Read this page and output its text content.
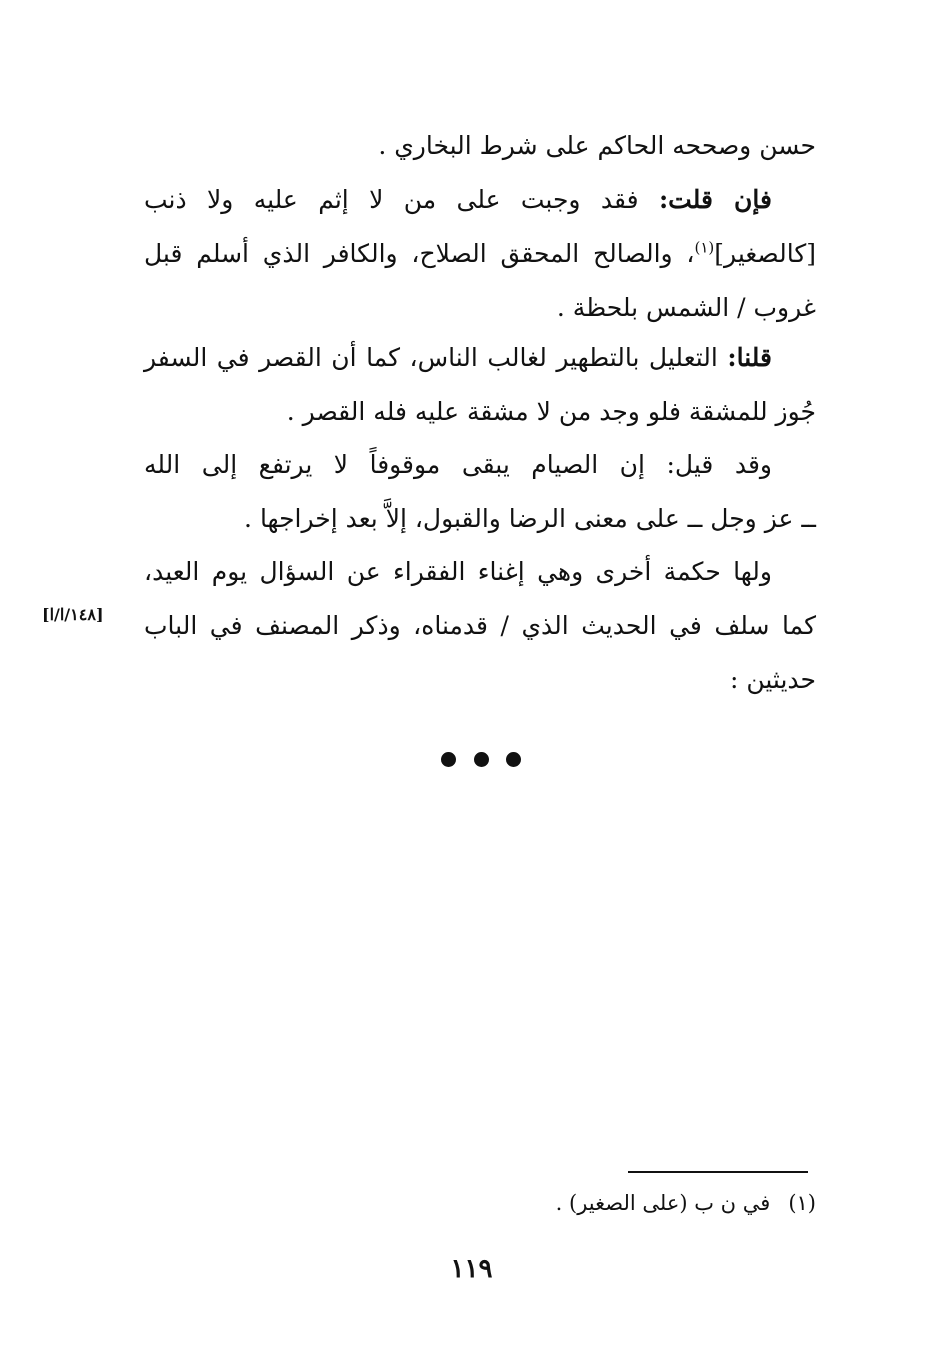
حسن وصححه الحاكم على شرط البخاري .
فإن قلت: فقد وجبت على من لا إثم عليه ولا ذنب
[كالصغير]$^{(١)}$، والصالح المحقق الصلاح، والكافر الذي أسلم قبل
غروب / الشمس بلحظة .
قلنا: التعليل بالتطهير لغالب الناس، كما أن القصر في السفر
جُوز للمشقة فلو وجد من لا مشقة عليه فله القصر .
وقد قيل: إن الصيام يبقى موقوفاً لا يرتفع إلى الله
ــ عز وجل ــ على معنى الرضا والقبول، إلاَّ بعد إخراجها .
ولها حكمة أخرى وهي إغناء الفقراء عن السؤال يوم العيد،
كما سلف في الحديث الذي / قدمناه، وذكر المصنف في الباب
حديثين :
[١٤٨/ا/ا]
(١)في ن ب (على الصغير) .
١١٩
